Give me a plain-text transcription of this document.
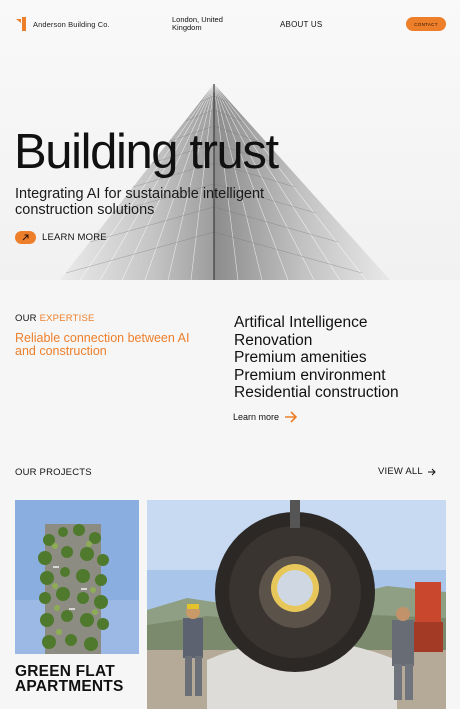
Anderson Building Co.	London, United Kingdom	ABOUT US	CONTACT
Building trust

Integrating AI for sustainable intelligent construction solutions

LEARN MORE
OUR EXPERTISE

Reliable connection between AI and construction

Artifical Intelligence
Renovation
Premium amenities
Premium environment
Residential construction
Learn more
OUR PROJECTS	VIEW ALL
GREEN FLAT APARTMENTS
